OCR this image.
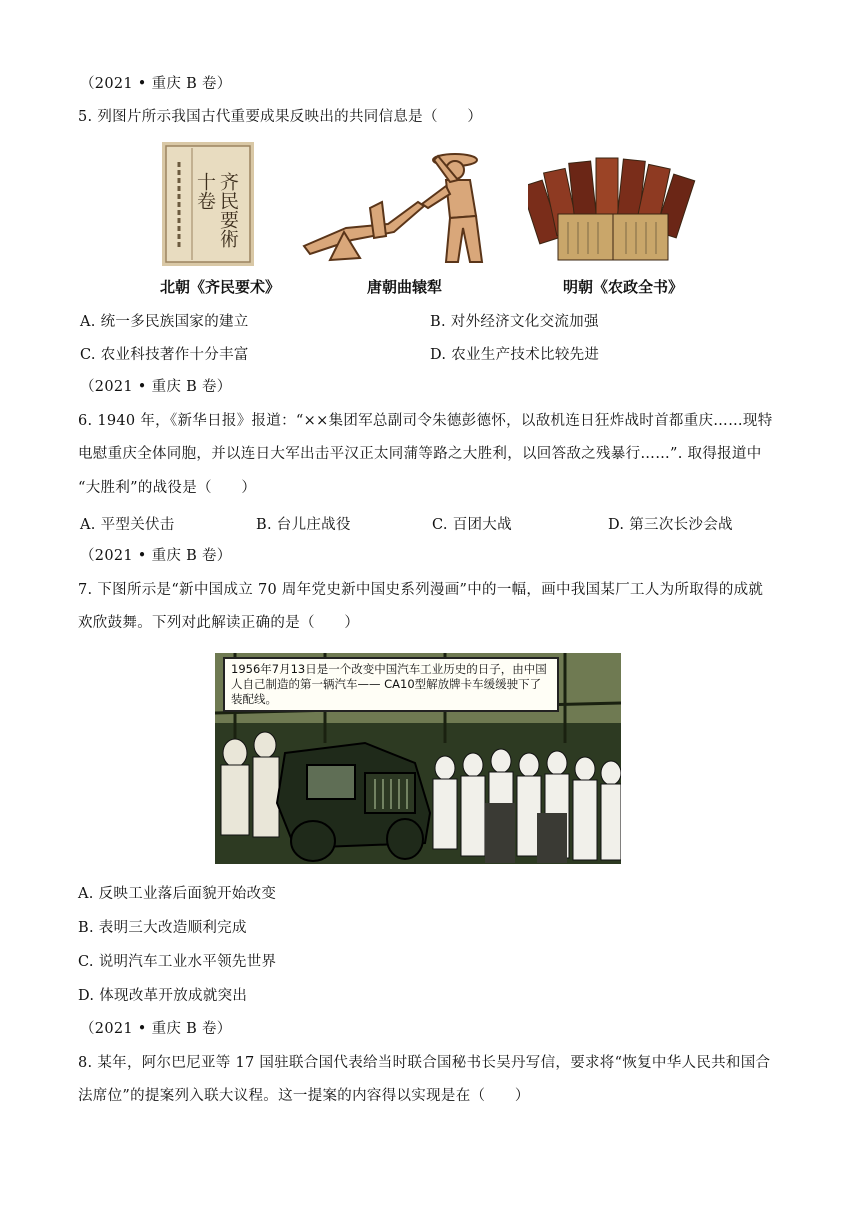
（2021 • 重庆 B 卷）
5. 列图片所示我国古代重要成果反映出的共同信息是（　　）
齐民要術
十卷
北朝《齐民要术》	唐朝曲辕犁	明朝《农政全书》
A. 统一多民族国家的建立	B. 对外经济文化交流加强
C. 农业科技著作十分丰富	D. 农业生产技术比较先进
（2021 • 重庆 B 卷）
6. 1940 年，《新华日报》报道：“××集团军总副司令朱德彭德怀，以敌机连日狂炸战时首都重庆……现特
电慰重庆全体同胞，并以连日大军出击平汉正太同蒲等路之大胜利，以回答敌之残暴行……”. 取得报道中
“大胜利”的战役是（　　）
A. 平型关伏击	B. 台儿庄战役	C. 百团大战	D. 第三次长沙会战
（2021 • 重庆 B 卷）
7. 下图所示是“新中国成立 70 周年党史新中国史系列漫画”中的一幅，画中我国某厂工人为所取得的成就
欢欣鼓舞。下列对此解读正确的是（　　）
1956年7月13日是一个改变中国汽车工业历史的日子，由中国人自己制造的第一辆汽车—— CA10型解放牌卡车缓缓驶下了装配线。
A. 反映工业落后面貌开始改变
B. 表明三大改造顺利完成
C. 说明汽车工业水平领先世界
D. 体现改革开放成就突出
（2021 • 重庆 B 卷）
8. 某年，阿尔巴尼亚等 17 国驻联合国代表给当时联合国秘书长吴丹写信，要求将“恢复中华人民共和国合
法席位”的提案列入联大议程。这一提案的内容得以实现是在（　　）
